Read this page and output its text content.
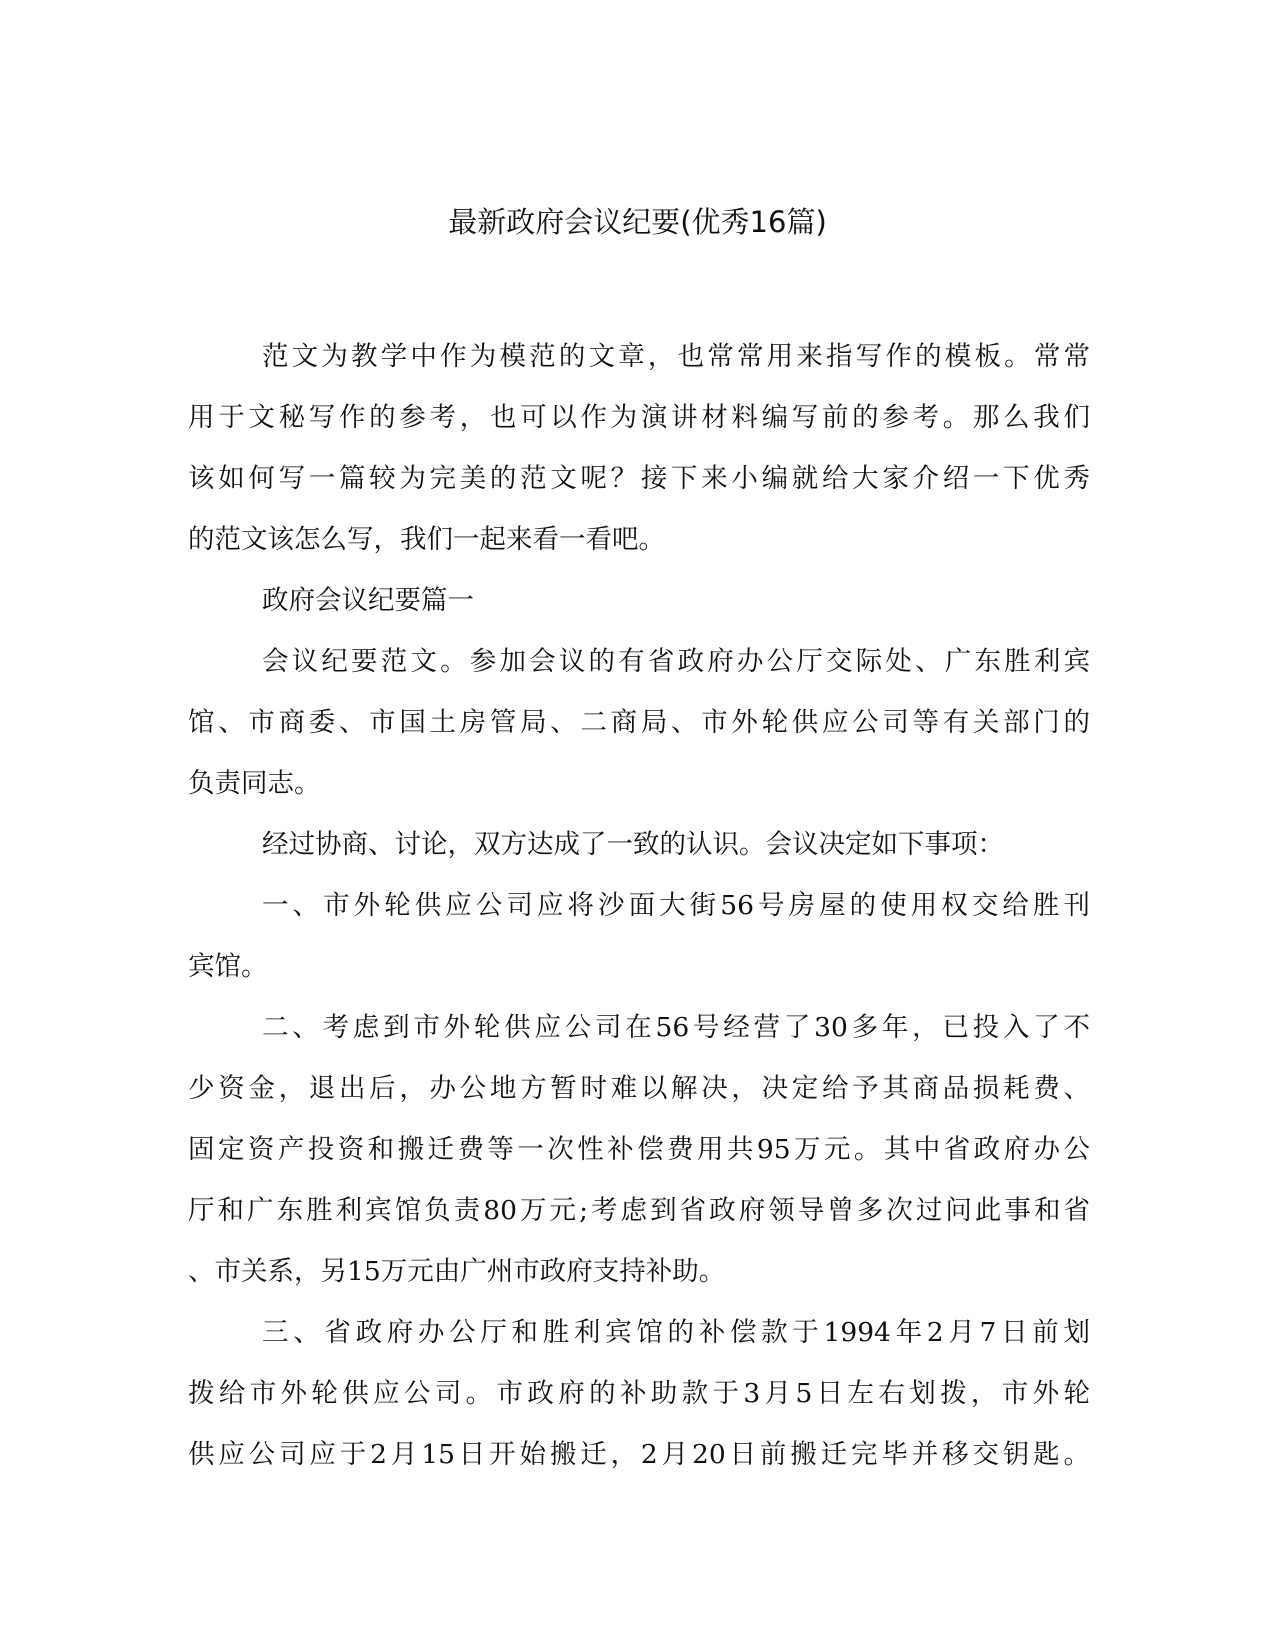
最新政府会议纪要(优秀16篇)
范文为教学中作为模范的文章，也常常用来指写作的模板。常常
用于文秘写作的参考，也可以作为演讲材料编写前的参考。那么我们
该如何写一篇较为完美的范文呢？接下来小编就给大家介绍一下优秀
的范文该怎么写，我们一起来看一看吧。
政府会议纪要篇一
会议纪要范文。参加会议的有省政府办公厅交际处、广东胜利宾
馆、市商委、市国土房管局、二商局、市外轮供应公司等有关部门的
负责同志。
经过协商、讨论，双方达成了一致的认识。会议决定如下事项：
一、市外轮供应公司应将沙面大街56号房屋的使用权交给胜刊
宾馆。
二、考虑到市外轮供应公司在56号经营了30多年，已投入了不
少资金，退出后，办公地方暂时难以解决，决定给予其商品损耗费、
固定资产投资和搬迁费等一次性补偿费用共95万元。其中省政府办公
厅和广东胜利宾馆负责80万元;考虑到省政府领导曾多次过问此事和省
、市关系，另15万元由广州市政府支持补助。
三、省政府办公厅和胜利宾馆的补偿款于1994年2月7日前划
拨给市外轮供应公司。市政府的补助款于3月5日左右划拨，市外轮
供应公司应于2月15日开始搬迁，2月20日前搬迁完毕并移交钥匙。
